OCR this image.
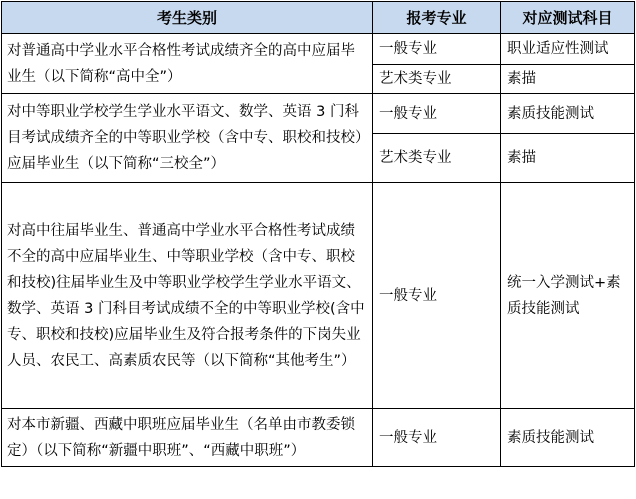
考生类别	报考专业	对应测试科目
对普通高中学业水平合格性考试成绩齐全的高中应届毕业生（以下简称“高中全”）	一般专业	职业适应性测试
	艺术类专业	素描
对中等职业学校学生学业水平语文、数学、英语 3 门科目考试成绩齐全的中等职业学校（含中专、职校和技校）应届毕业生（以下简称“三校全”）	一般专业	素质技能测试
	艺术类专业	素描
对高中往届毕业生、普通高中学业水平合格性考试成绩不全的高中应届毕业生、中等职业学校（含中专、职校和技校)往届毕业生及中等职业学校学生学业水平语文、数学、英语 3 门科目考试成绩不全的中等职业学校(含中专、职校和技校)应届毕业生及符合报考条件的下岗失业人员、农民工、高素质农民等（以下简称“其他考生”）	一般专业	统一入学测试+素质技能测试
对本市新疆、西藏中职班应届毕业生（名单由市教委锁定）（以下简称“新疆中职班”、“西藏中职班”）	一般专业	素质技能测试
